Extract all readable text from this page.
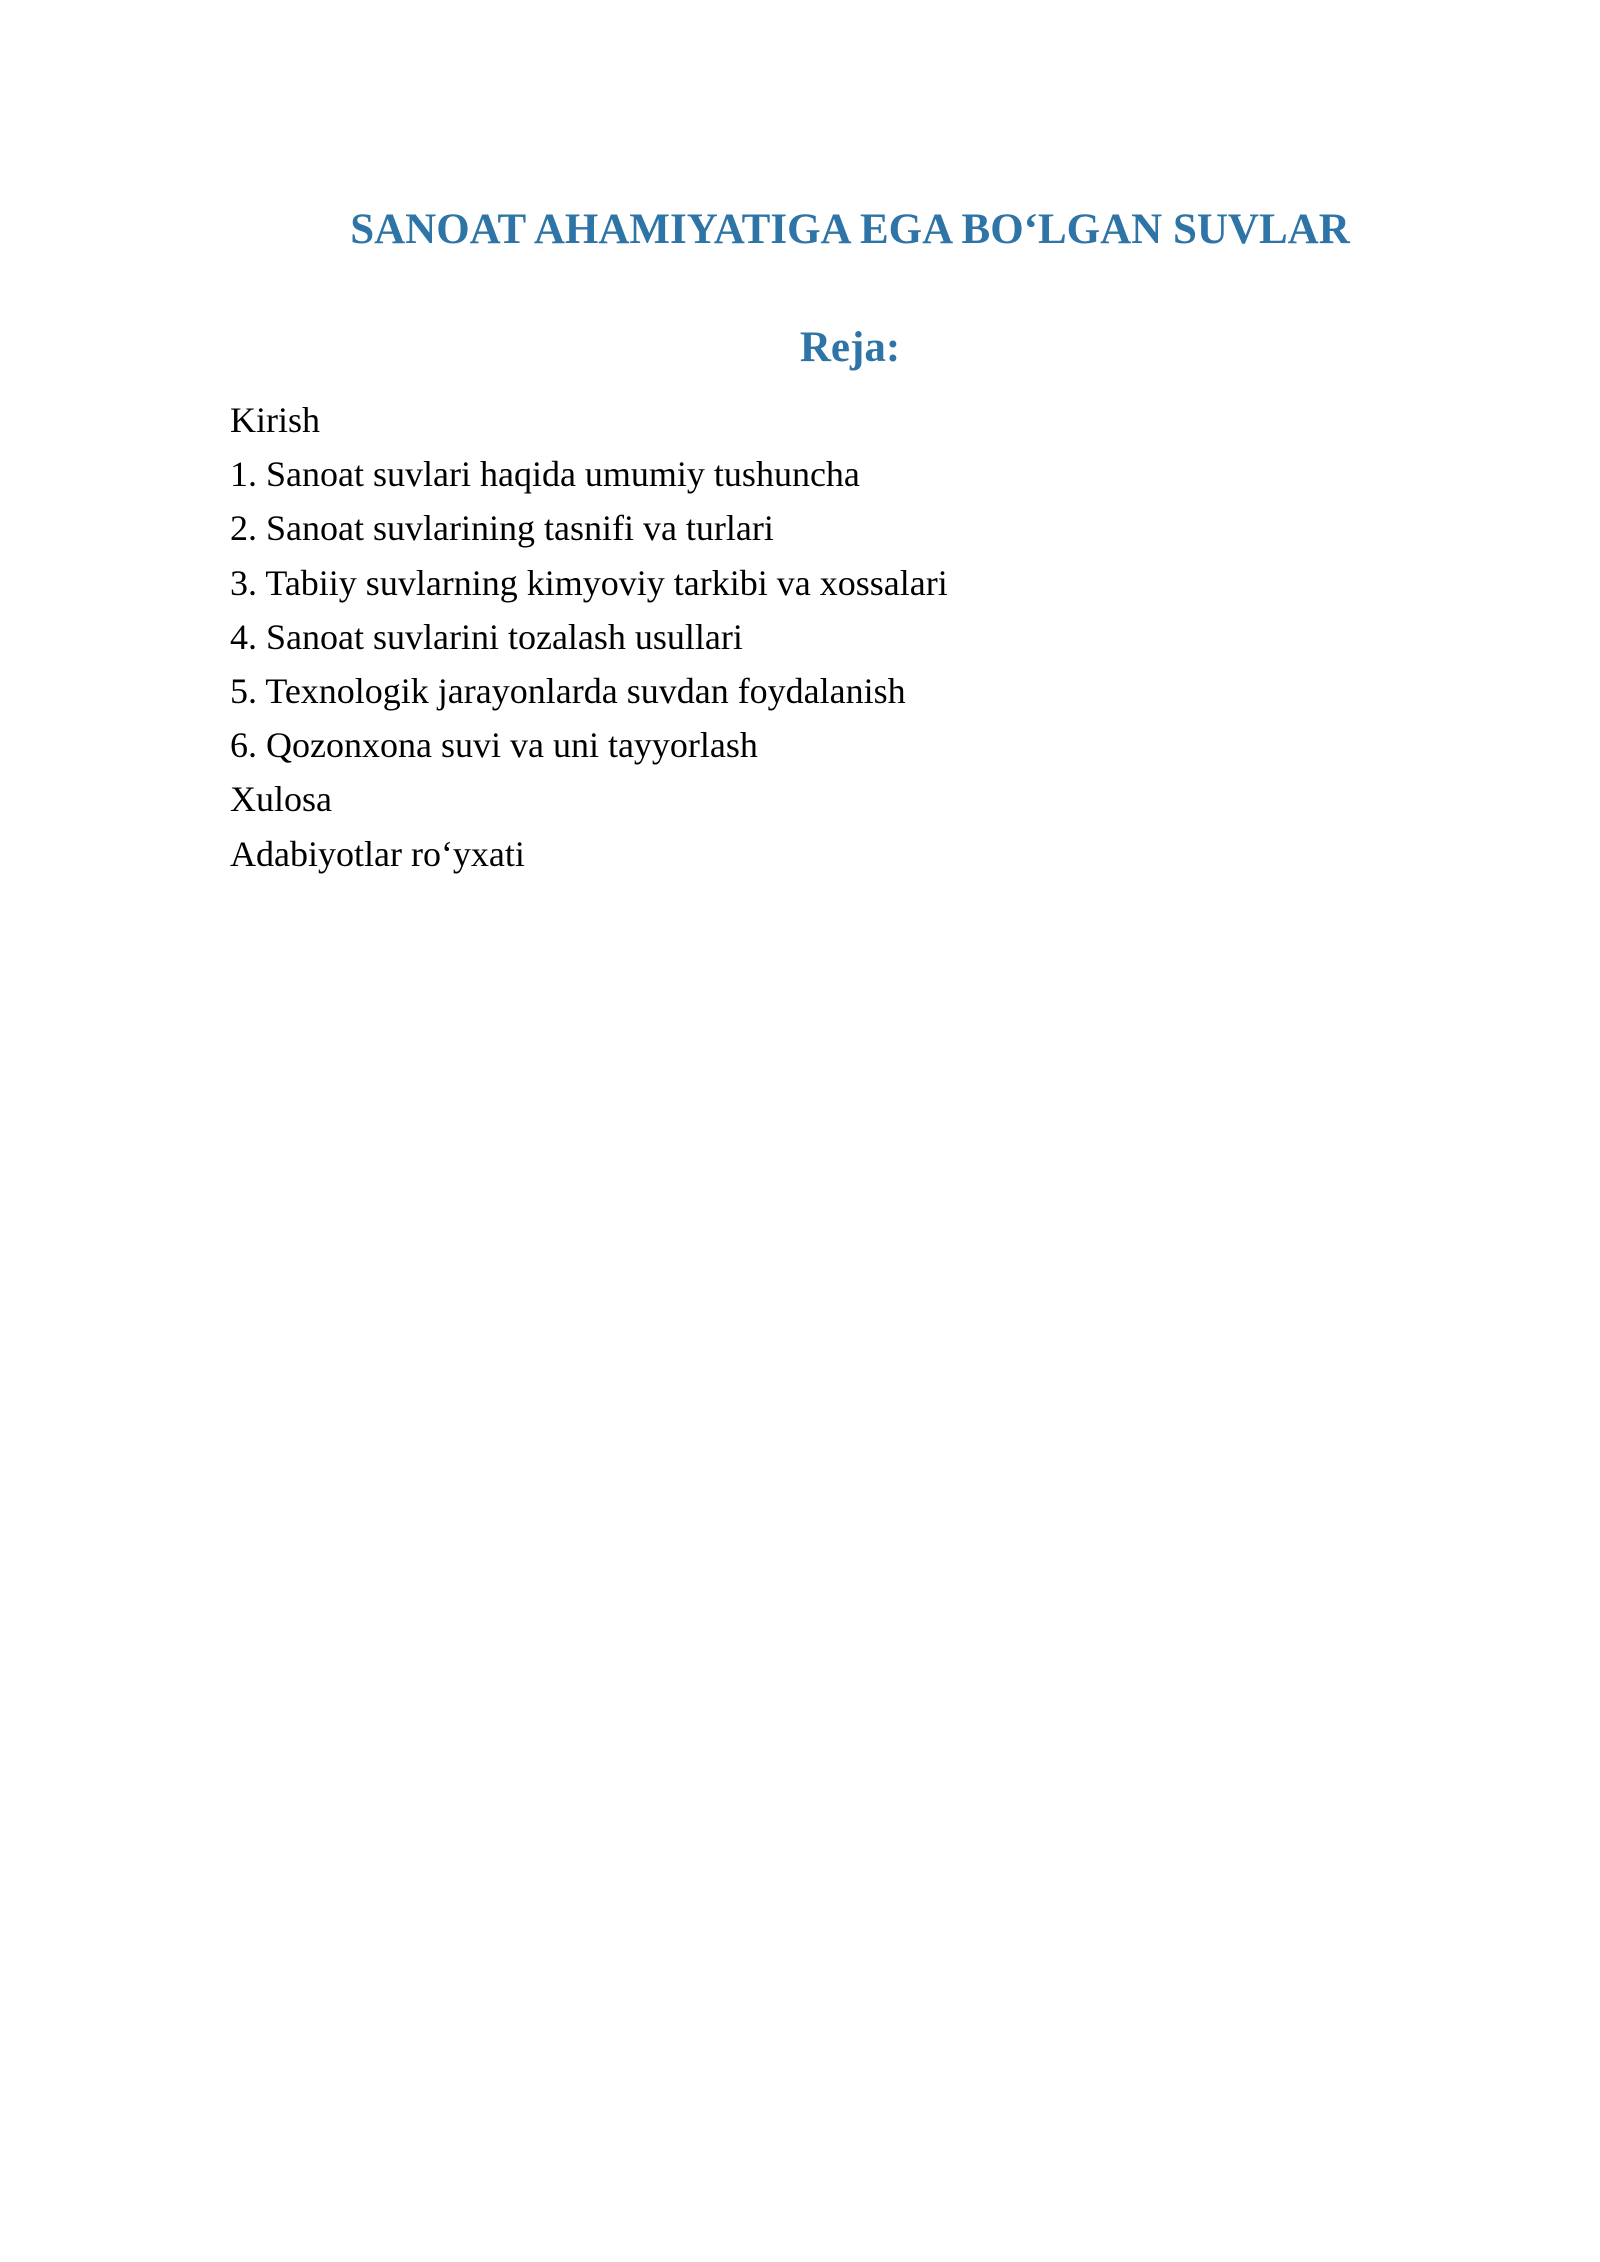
SANOAT AHAMIYATIGA EGA BO‘LGAN SUVLAR
Reja:
Kirish
1. Sanoat suvlari haqida umumiy tushuncha
2. Sanoat suvlarining tasnifi va turlari
3. Tabiiy suvlarning kimyoviy tarkibi va xossalari
4. Sanoat suvlarini tozalash usullari
5. Texnologik jarayonlarda suvdan foydalanish
6. Qozonxona suvi va uni tayyorlash
Xulosa
Adabiyotlar ro‘yxati
